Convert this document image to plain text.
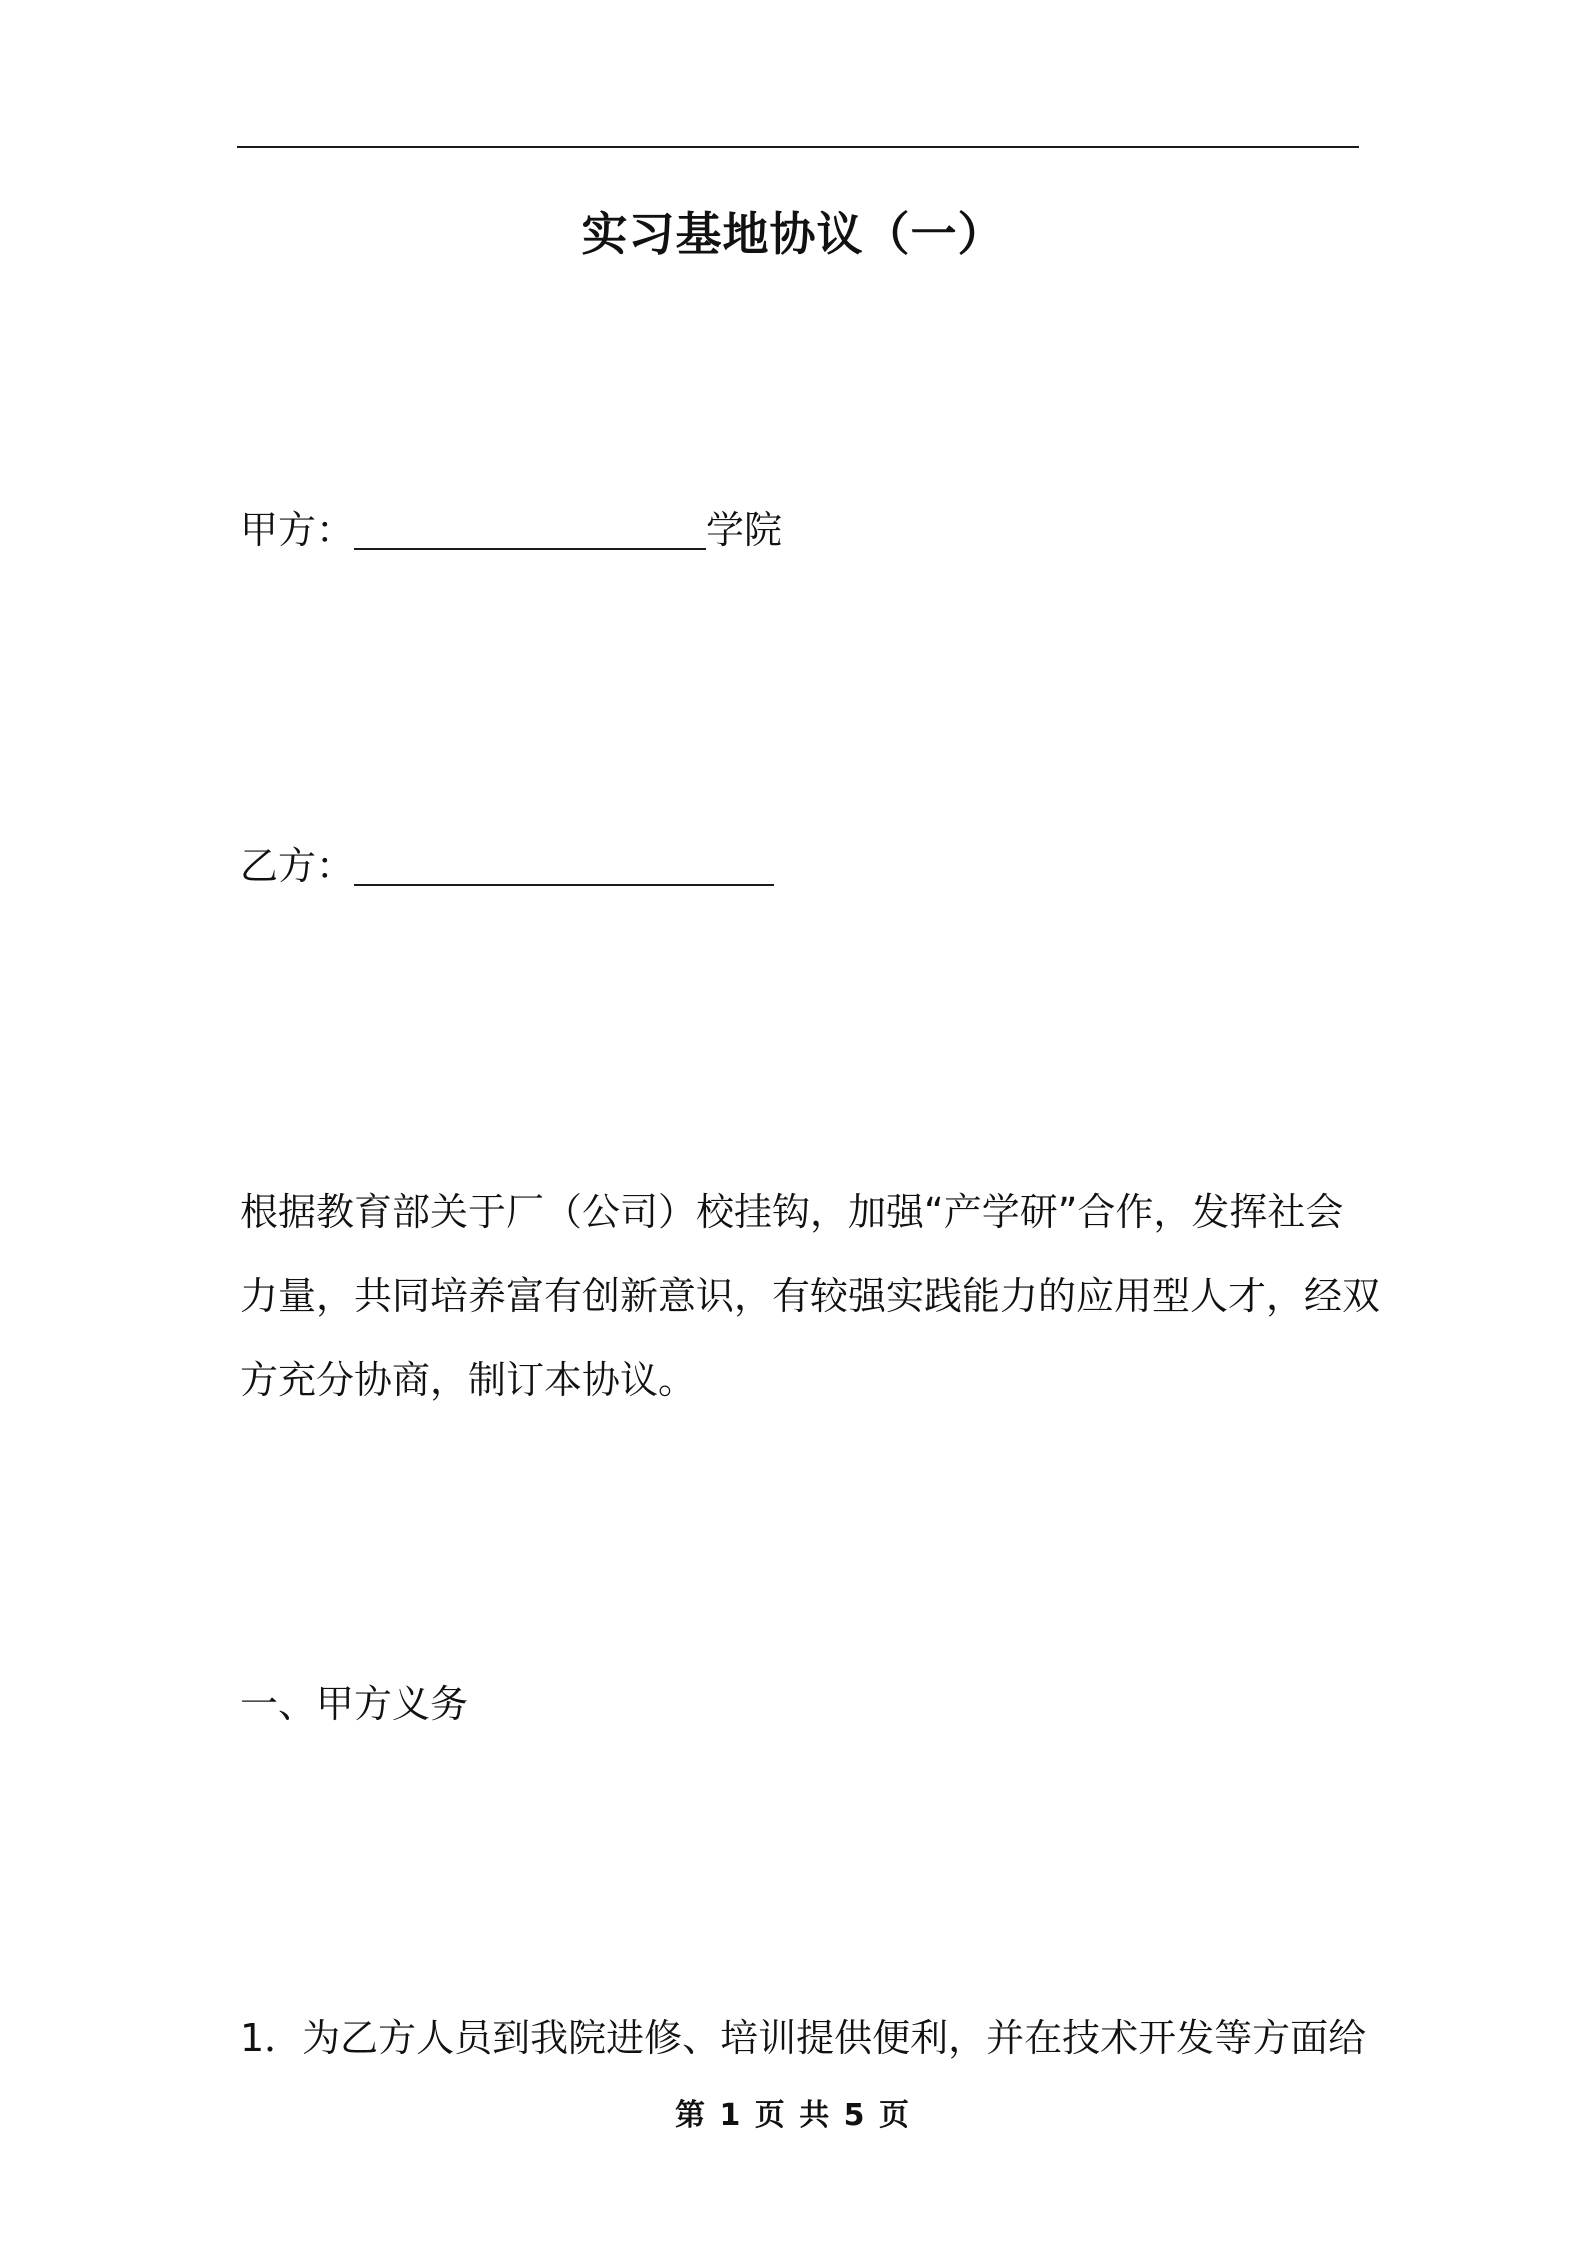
实习基地协议（一）
甲方：	学院
乙方：
根据教育部关于厂（公司）校挂钩，加强“产学研”合作，发挥社会
力量，共同培养富有创新意识，有较强实践能力的应用型人才，经双
方充分协商，制订本协议。
一、甲方义务
1．为乙方人员到我院进修、培训提供便利，并在技术开发等方面给
第 1 页 共 5 页
